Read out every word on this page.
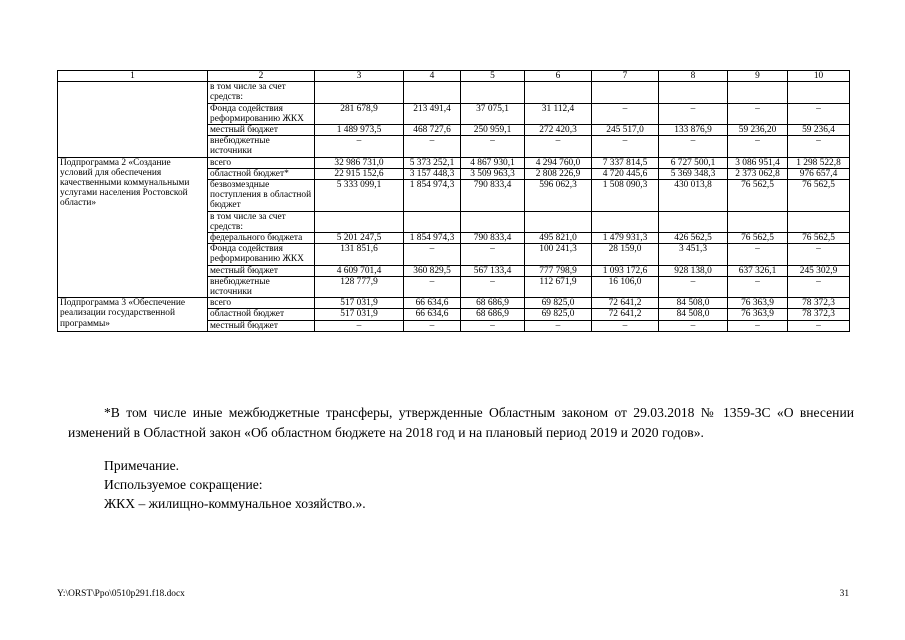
1	2	3	4	5	6	7	8	9	10
	в том числе за счет средств:								
	Фонда содействия реформированию ЖКХ	281 678,9	213 491,4	37 075,1	31 112,4	–	–	–	–
	местный бюджет	1 489 973,5	468 727,6	250 959,1	272 420,3	245 517,0	133 876,9	59 236,20	59 236,4
	внебюджетные источники	–	–	–	–	–	–	–	–
Подпрограмма 2 «Создание условий для обеспечения качественными коммунальными услугами населения Ростовской области»	всего	32 986 731,0	5 373 252,1	4 867 930,1	4 294 760,0	7 337 814,5	6 727 500,1	3 086 951,4	1 298 522,8
	областной бюджет*	22 915 152,6	3 157 448,3	3 509 963,3	2 808 226,9	4 720 445,6	5 369 348,3	2 373 062,8	976 657,4
	безвозмездные поступления в областной бюджет	5 333 099,1	1 854 974,3	790 833,4	596 062,3	1 508 090,3	430 013,8	76 562,5	76 562,5
	в том числе за счет средств:								
	федерального бюджета	5 201 247,5	1 854 974,3	790 833,4	495 821,0	1 479 931,3	426 562,5	76 562,5	76 562,5
	Фонда содействия реформированию ЖКХ	131 851,6	–	–	100 241,3	28 159,0	3 451,3	–	–
	местный бюджет	4 609 701,4	360 829,5	567 133,4	777 798,9	1 093 172,6	928 138,0	637 326,1	245 302,9
	внебюджетные источники	128 777,9	–	–	112 671,9	16 106,0	–	–	–
Подпрограмма 3 «Обеспечение реализации государственной программы»	всего	517 031,9	66 634,6	68 686,9	69 825,0	72 641,2	84 508,0	76 363,9	78 372,3
	областной бюджет	517 031,9	66 634,6	68 686,9	69 825,0	72 641,2	84 508,0	76 363,9	78 372,3
	местный бюджет	–	–	–	–	–	–	–	–
*В том числе иные межбюджетные трансферы, утвержденные Областным законом от 29.03.2018 № 1359-ЗС «О внесении изменений в Областной закон «Об областном бюджете на 2018 год и на плановый период 2019 и 2020 годов».
Примечание.
Используемое сокращение:
ЖКХ – жилищно-коммунальное хозяйство.».
Y:\ORST\Ppo\0510p291.f18.docx	31
